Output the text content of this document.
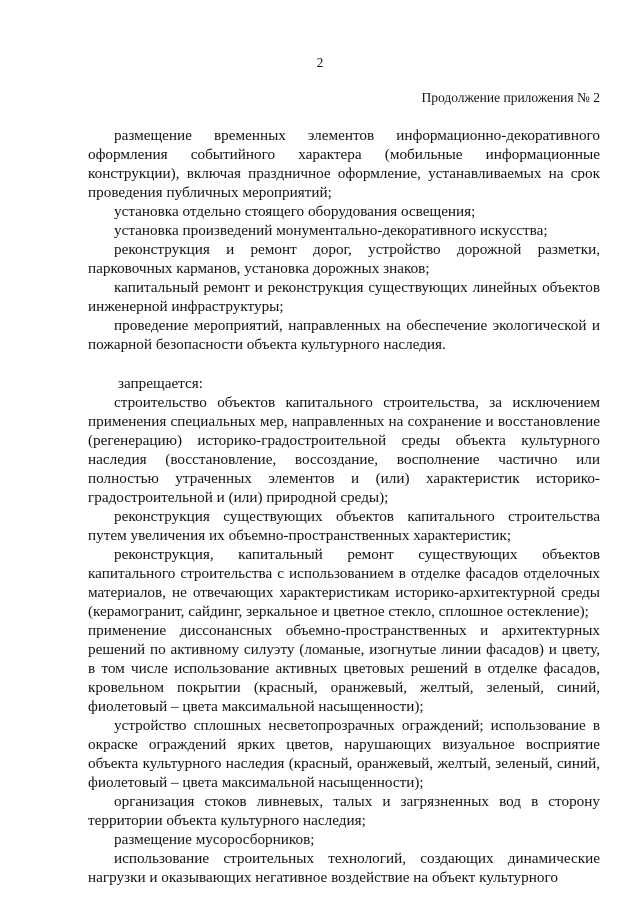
2
Продолжение приложения № 2

размещение временных элементов информационно-декоративного оформления событийного характера (мобильные информационные конструкции), включая праздничное оформление, устанавливаемых на срок проведения публичных мероприятий;

установка отдельно стоящего оборудования освещения;

установка произведений монументально-декоративного искусства;

реконструкция и ремонт дорог, устройство дорожной разметки, парковочных карманов, установка дорожных знаков;

капитальный ремонт и реконструкция существующих линейных объектов инженерной инфраструктуры;

проведение мероприятий, направленных на обеспечение экологической и пожарной безопасности объекта культурного наследия.

запрещается:

строительство объектов капитального строительства, за исключением применения специальных мер, направленных на сохранение и восстановление (регенерацию) историко-градостроительной среды объекта культурного наследия (восстановление, воссоздание, восполнение частично или полностью утраченных элементов и (или) характеристик историко-градостроительной и (или) природной среды);

реконструкция существующих объектов капитального строительства путем увеличения их объемно-пространственных характеристик;

реконструкция, капитальный ремонт существующих объектов капитального строительства с использованием в отделке фасадов отделочных материалов, не отвечающих характеристикам историко-архитектурной среды (керамогранит, сайдинг, зеркальное и цветное стекло, сплошное остекление);

применение диссонансных объемно-пространственных и архитектурных решений по активному силуэту (ломаные, изогнутые линии фасадов) и цвету, в том числе использование активных цветовых решений в отделке фасадов, кровельном покрытии (красный, оранжевый, желтый, зеленый, синий, фиолетовый – цвета максимальной насыщенности);

устройство сплошных несветопрозрачных ограждений; использование в окраске ограждений ярких цветов, нарушающих визуальное восприятие объекта культурного наследия (красный, оранжевый, желтый, зеленый, синий, фиолетовый – цвета максимальной насыщенности);

организация стоков ливневых, талых и загрязненных вод в сторону территории объекта культурного наследия;

размещение мусоросборников;

использование строительных технологий, создающих динамические нагрузки и оказывающих негативное воздействие на объект культурного
